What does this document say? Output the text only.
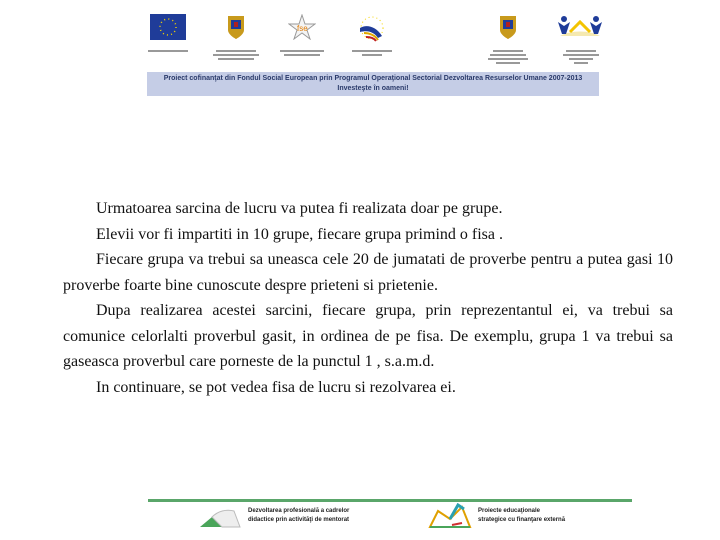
fse
Proiect cofinanţat din Fondul Social European prin Programul Operaţional Sectorial Dezvoltarea Resurselor Umane 2007-2013
Investeşte în oameni!

Urmatoarea sarcina de lucru va putea fi realizata doar pe grupe.

Elevii vor fi impartiti in 10 grupe, fiecare grupa primind o fisa .

Fiecare grupa va trebui sa uneasca cele 20 de jumatati de proverbe pentru a putea gasi 10 proverbe foarte bine cunoscute despre prieteni si prietenie.

Dupa realizarea acestei sarcini, fiecare grupa, prin reprezentantul ei, va trebui sa comunice celorlalti proverbul gasit, in ordinea de pe fisa. De exemplu, grupa 1 va trebui sa gaseasca proverbul care porneste de la punctul 1 , s.a.m.d.

In continuare, se pot vedea fisa de lucru si rezolvarea ei.

Dezvoltarea profesională a cadrelor
didactice prin activităţi de mentorat
Proiecte educaţionale
strategice cu finanţare externă
